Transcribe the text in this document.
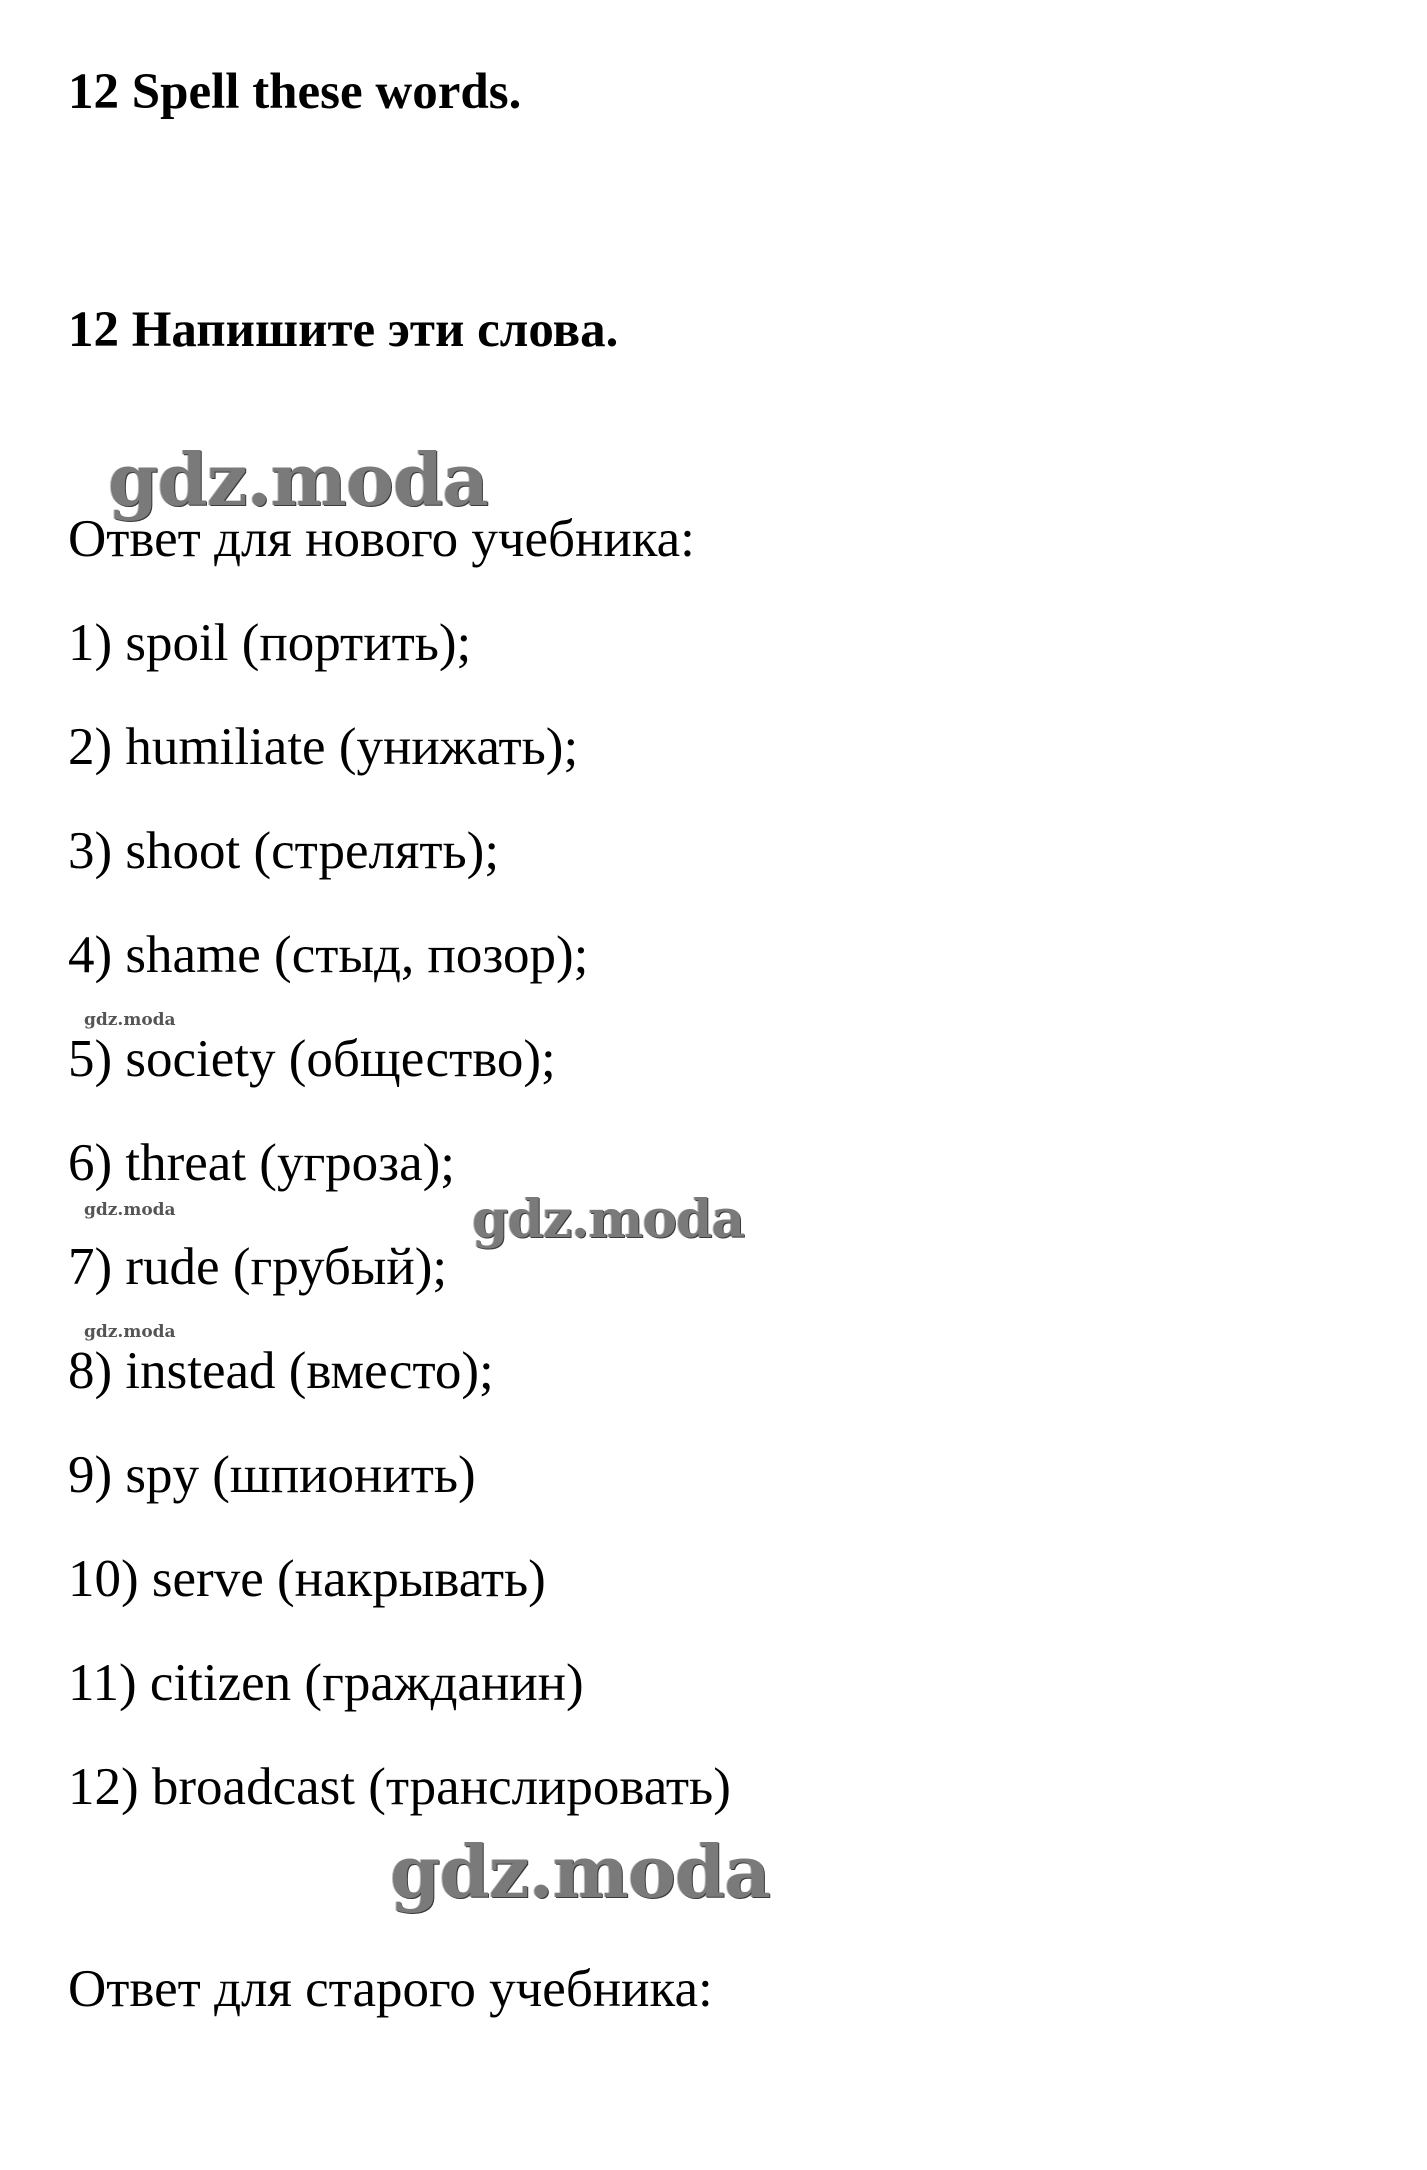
12 Spell these words.
12 Напишите эти слова.
gdz.moda

Ответ для нового учебника:

1) spoil (портить);
2) humiliate (унижать);
3) shoot (стрелять);
4) shame (стыд, позор);
5) society (общество);
6) threat (угроза);
7) rude (грубый);
8) instead (вместо);
9) spy (шпионить)
10) serve (накрывать)
11) citizen (гражданин)
12) broadcast (транслировать)
gdz.moda
gdz.moda
gdz.moda
gdz.moda
gdz.moda

Ответ для старого учебника:
